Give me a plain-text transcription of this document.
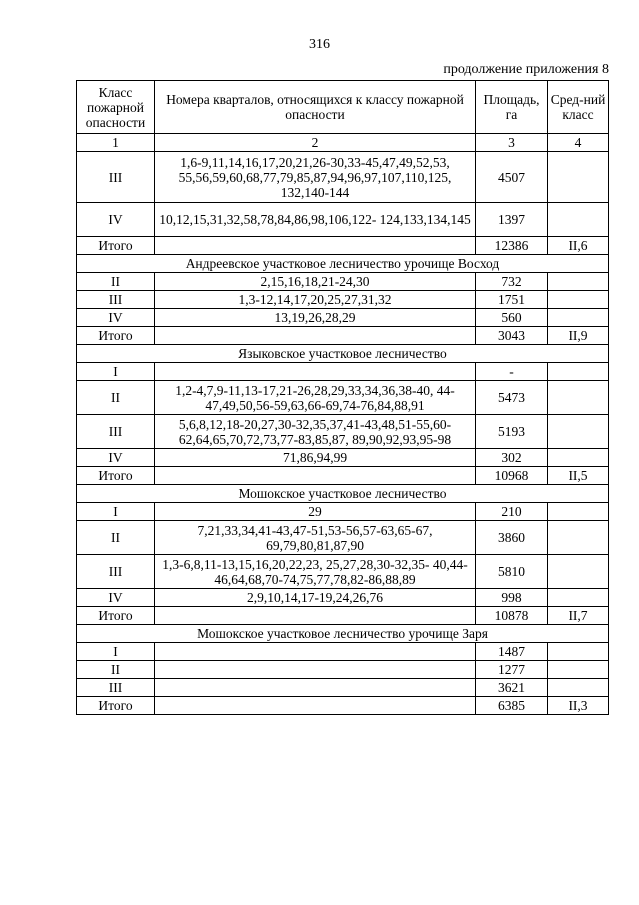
316
продолжение приложения 8
Класс пожарной опасности	Номера кварталов, относящихся к классу пожарной опасности	Площадь, га	Сред-ний класс
1	2	3	4
III	1,6-9,11,14,16,17,20,21,26-30,33-45,47,49,52,53, 55,56,59,60,68,77,79,85,87,94,96,97,107,110,125, 132,140-144	4507	
IV	10,12,15,31,32,58,78,84,86,98,106,122- 124,133,134,145	1397	
Итого		12386	II,6
Андреевское участковое лесничество урочище Восход			
II	2,15,16,18,21-24,30	732	
III	1,3-12,14,17,20,25,27,31,32	1751	
IV	13,19,26,28,29	560	
Итого		3043	II,9
Языковское участковое лесничество			
I		-	
II	1,2-4,7,9-11,13-17,21-26,28,29,33,34,36,38-40, 44-47,49,50,56-59,63,66-69,74-76,84,88,91	5473	
III	5,6,8,12,18-20,27,30-32,35,37,41-43,48,51-55,60- 62,64,65,70,72,73,77-83,85,87, 89,90,92,93,95-98	5193	
IV	71,86,94,99	302	
Итого		10968	II,5
Мошокское участковое лесничество			
I	29	210	
II	7,21,33,34,41-43,47-51,53-56,57-63,65-67, 69,79,80,81,87,90	3860	
III	1,3-6,8,11-13,15,16,20,22,23, 25,27,28,30-32,35- 40,44-46,64,68,70-74,75,77,78,82-86,88,89	5810	
IV	2,9,10,14,17-19,24,26,76	998	
Итого		10878	II,7
Мошокское участковое лесничество урочище Заря			
I		1487	
II		1277	
III		3621	
Итого		6385	II,3
